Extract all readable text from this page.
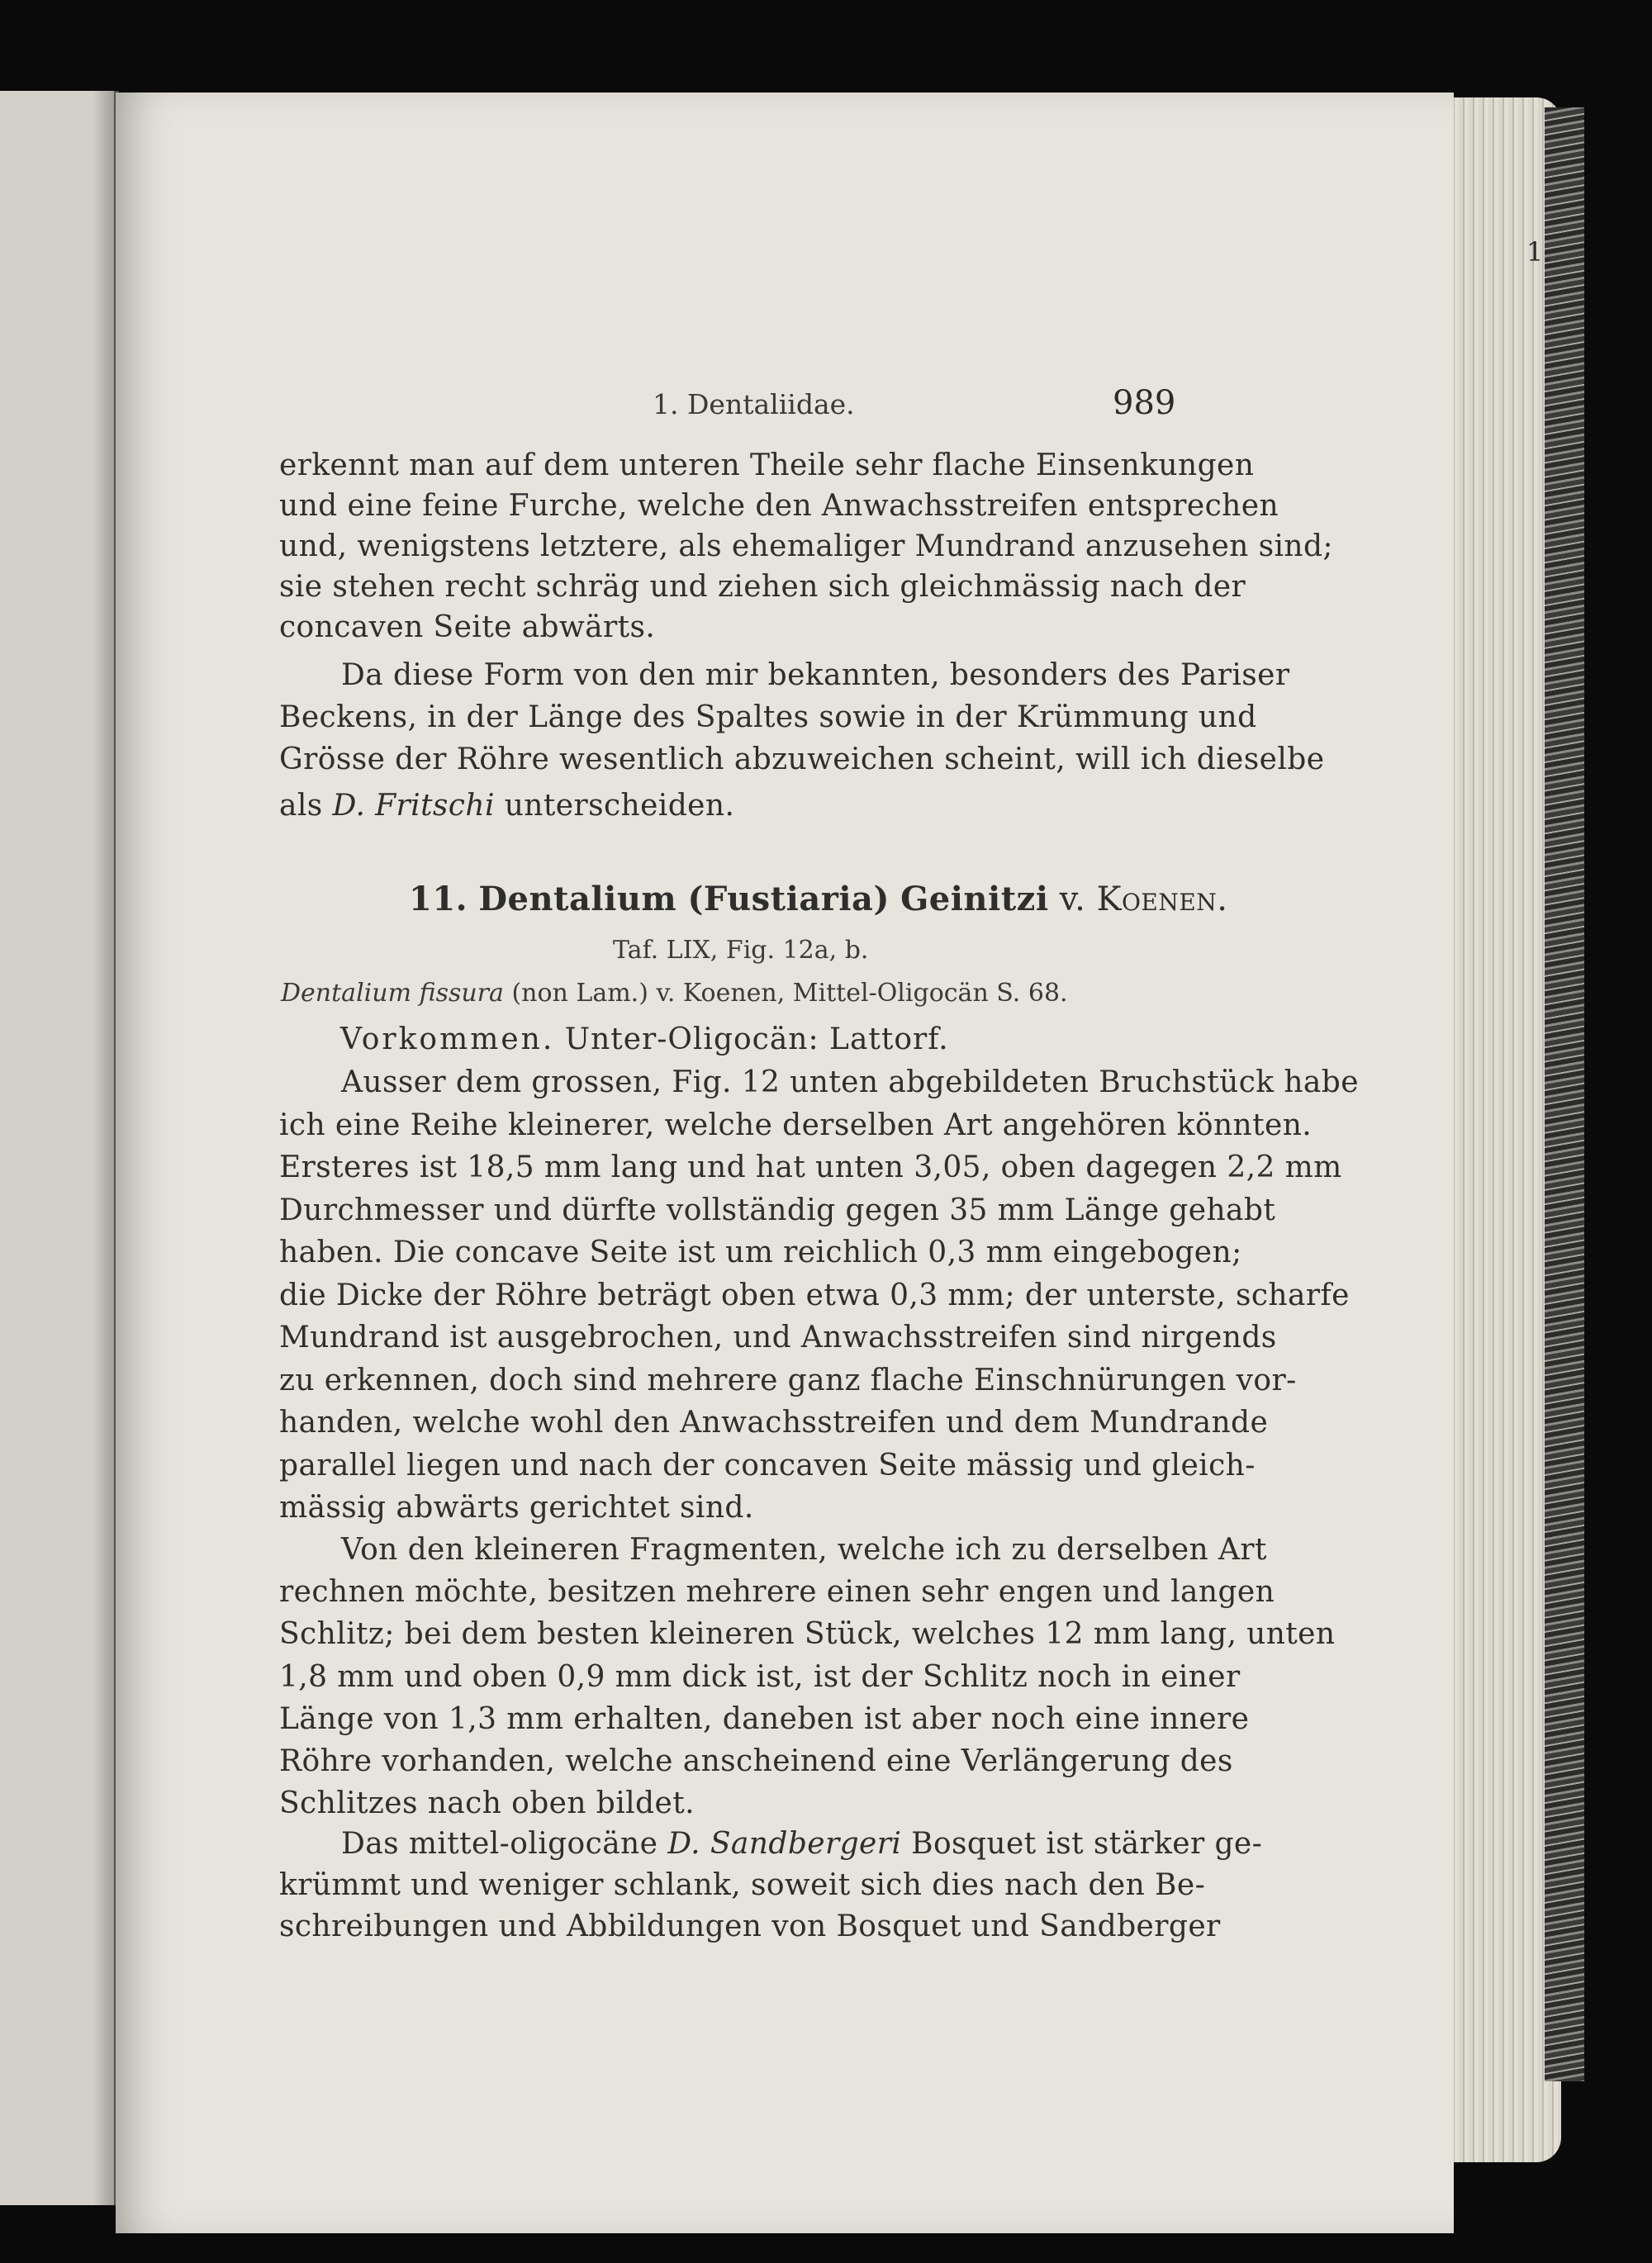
1.
1. Dentaliidae.	989
erkennt man auf dem unteren Theile sehr flache Einsenkungen
und eine feine Furche, welche den Anwachsstreifen entsprechen
und, wenigstens letztere, als ehemaliger Mundrand anzusehen sind;
sie stehen recht schräg und ziehen sich gleichmässig nach der
concaven Seite abwärts.
Da diese Form von den mir bekannten, besonders des Pariser
Beckens, in der Länge des Spaltes sowie in der Krümmung und
Grösse der Röhre wesentlich abzuweichen scheint, will ich dieselbe
als D. Fritschi unterscheiden.
11. Dentalium (Fustiaria) Geinitzi v. Koenen.
Taf. LIX, Fig. 12a, b.
Dentalium fissura (non Lam.) v. Koenen, Mittel-Oligocän S. 68.
Vorkommen. Unter-Oligocän: Lattorf.
Ausser dem grossen, Fig. 12 unten abgebildeten Bruchstück habe
ich eine Reihe kleinerer, welche derselben Art angehören könnten.
Ersteres ist 18,5 mm lang und hat unten 3,05, oben dagegen 2,2 mm
Durchmesser und dürfte vollständig gegen 35 mm Länge gehabt
haben. Die concave Seite ist um reichlich 0,3 mm eingebogen;
die Dicke der Röhre beträgt oben etwa 0,3 mm; der unterste, scharfe
Mundrand ist ausgebrochen, und Anwachsstreifen sind nirgends
zu erkennen, doch sind mehrere ganz flache Einschnürungen vor-
handen, welche wohl den Anwachsstreifen und dem Mundrande
parallel liegen und nach der concaven Seite mässig und gleich-
mässig abwärts gerichtet sind.
Von den kleineren Fragmenten, welche ich zu derselben Art
rechnen möchte, besitzen mehrere einen sehr engen und langen
Schlitz; bei dem besten kleineren Stück, welches 12 mm lang, unten
1,8 mm und oben 0,9 mm dick ist, ist der Schlitz noch in einer
Länge von 1,3 mm erhalten, daneben ist aber noch eine innere
Röhre vorhanden, welche anscheinend eine Verlängerung des
Schlitzes nach oben bildet.
Das mittel-oligocäne D. Sandbergeri Bosquet ist stärker ge-
krümmt und weniger schlank, soweit sich dies nach den Be-
schreibungen und Abbildungen von Bosquet und Sandberger
